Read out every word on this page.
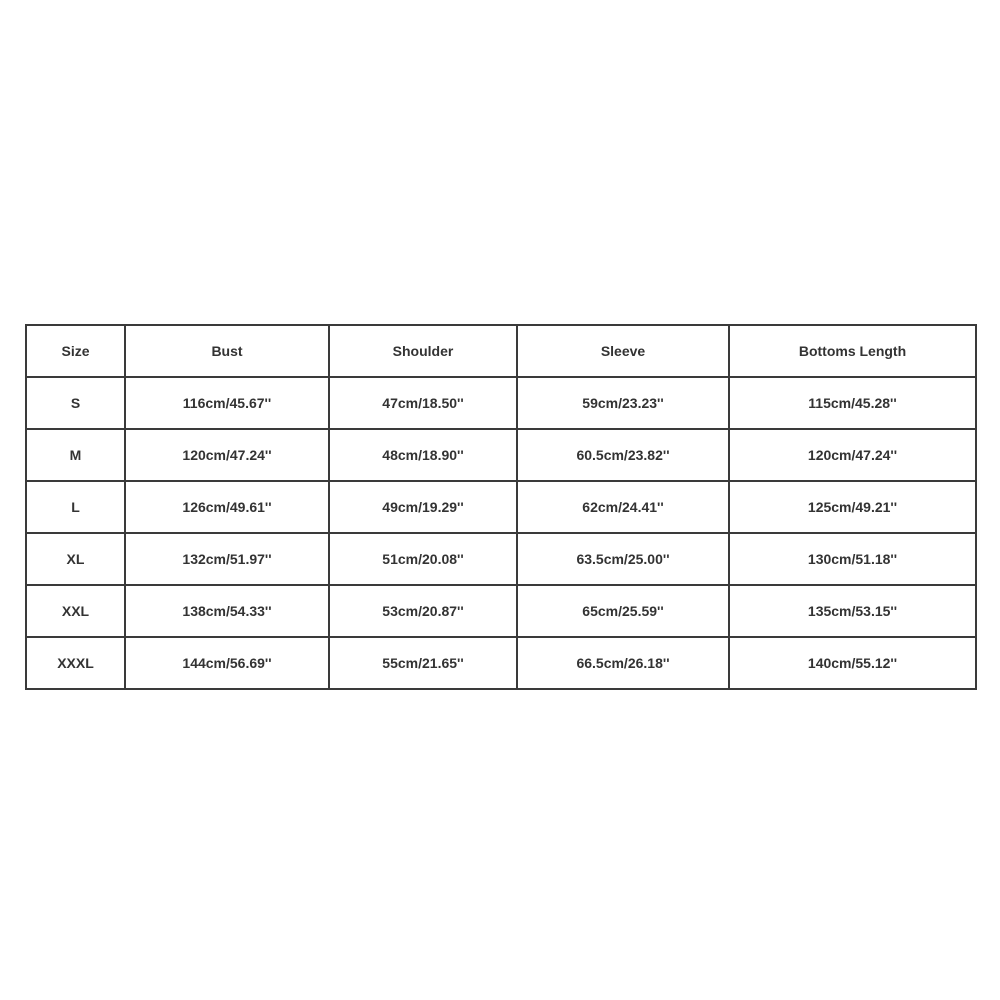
Size	Bust	Shoulder	Sleeve	Bottoms Length
S	116cm/45.67''	47cm/18.50''	59cm/23.23''	115cm/45.28''
M	120cm/47.24''	48cm/18.90''	60.5cm/23.82''	120cm/47.24''
L	126cm/49.61''	49cm/19.29''	62cm/24.41''	125cm/49.21''
XL	132cm/51.97''	51cm/20.08''	63.5cm/25.00''	130cm/51.18''
XXL	138cm/54.33''	53cm/20.87''	65cm/25.59''	135cm/53.15''
XXXL	144cm/56.69''	55cm/21.65''	66.5cm/26.18''	140cm/55.12''
